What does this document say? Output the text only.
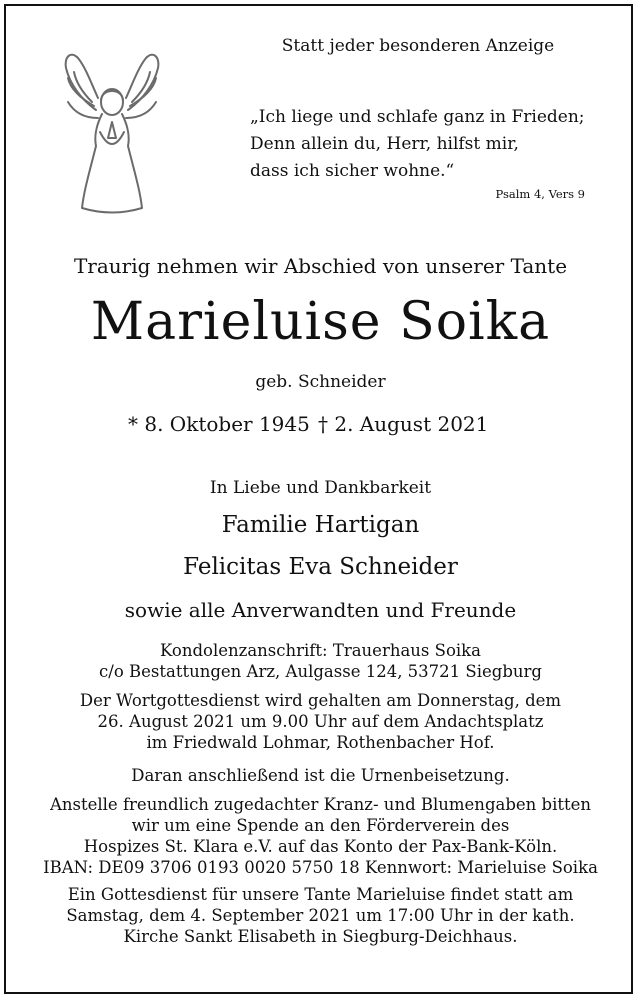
Statt jeder besonderen Anzeige
„Ich liege und schlafe ganz in Frieden;
Denn allein du, Herr, hilfst mir,
dass ich sicher wohne.“
Psalm 4, Vers 9
Traurig nehmen wir Abschied von unserer Tante
Marieluise Soika
geb. Schneider
* 8. Oktober 1945 † 2. August 2021
In Liebe und Dankbarkeit
Familie Hartigan
Felicitas Eva Schneider
sowie alle Anverwandten und Freunde
Kondolenzanschrift: Trauerhaus Soika
c/o Bestattungen Arz, Aulgasse 124, 53721 Siegburg
Der Wortgottesdienst wird gehalten am Donnerstag, dem
26. August 2021 um 9.00 Uhr auf dem Andachtsplatz
im Friedwald Lohmar, Rothenbacher Hof.
Daran anschließend ist die Urnenbeisetzung.
Anstelle freundlich zugedachter Kranz- und Blumengaben bitten
wir um eine Spende an den Förderverein des
Hospizes St. Klara e.V. auf das Konto der Pax-Bank-Köln.
IBAN: DE09 3706 0193 0020 5750 18 Kennwort: Marieluise Soika
Ein Gottesdienst für unsere Tante Marieluise findet statt am
Samstag, dem 4. September 2021 um 17:00 Uhr in der kath.
Kirche Sankt Elisabeth in Siegburg-Deichhaus.
